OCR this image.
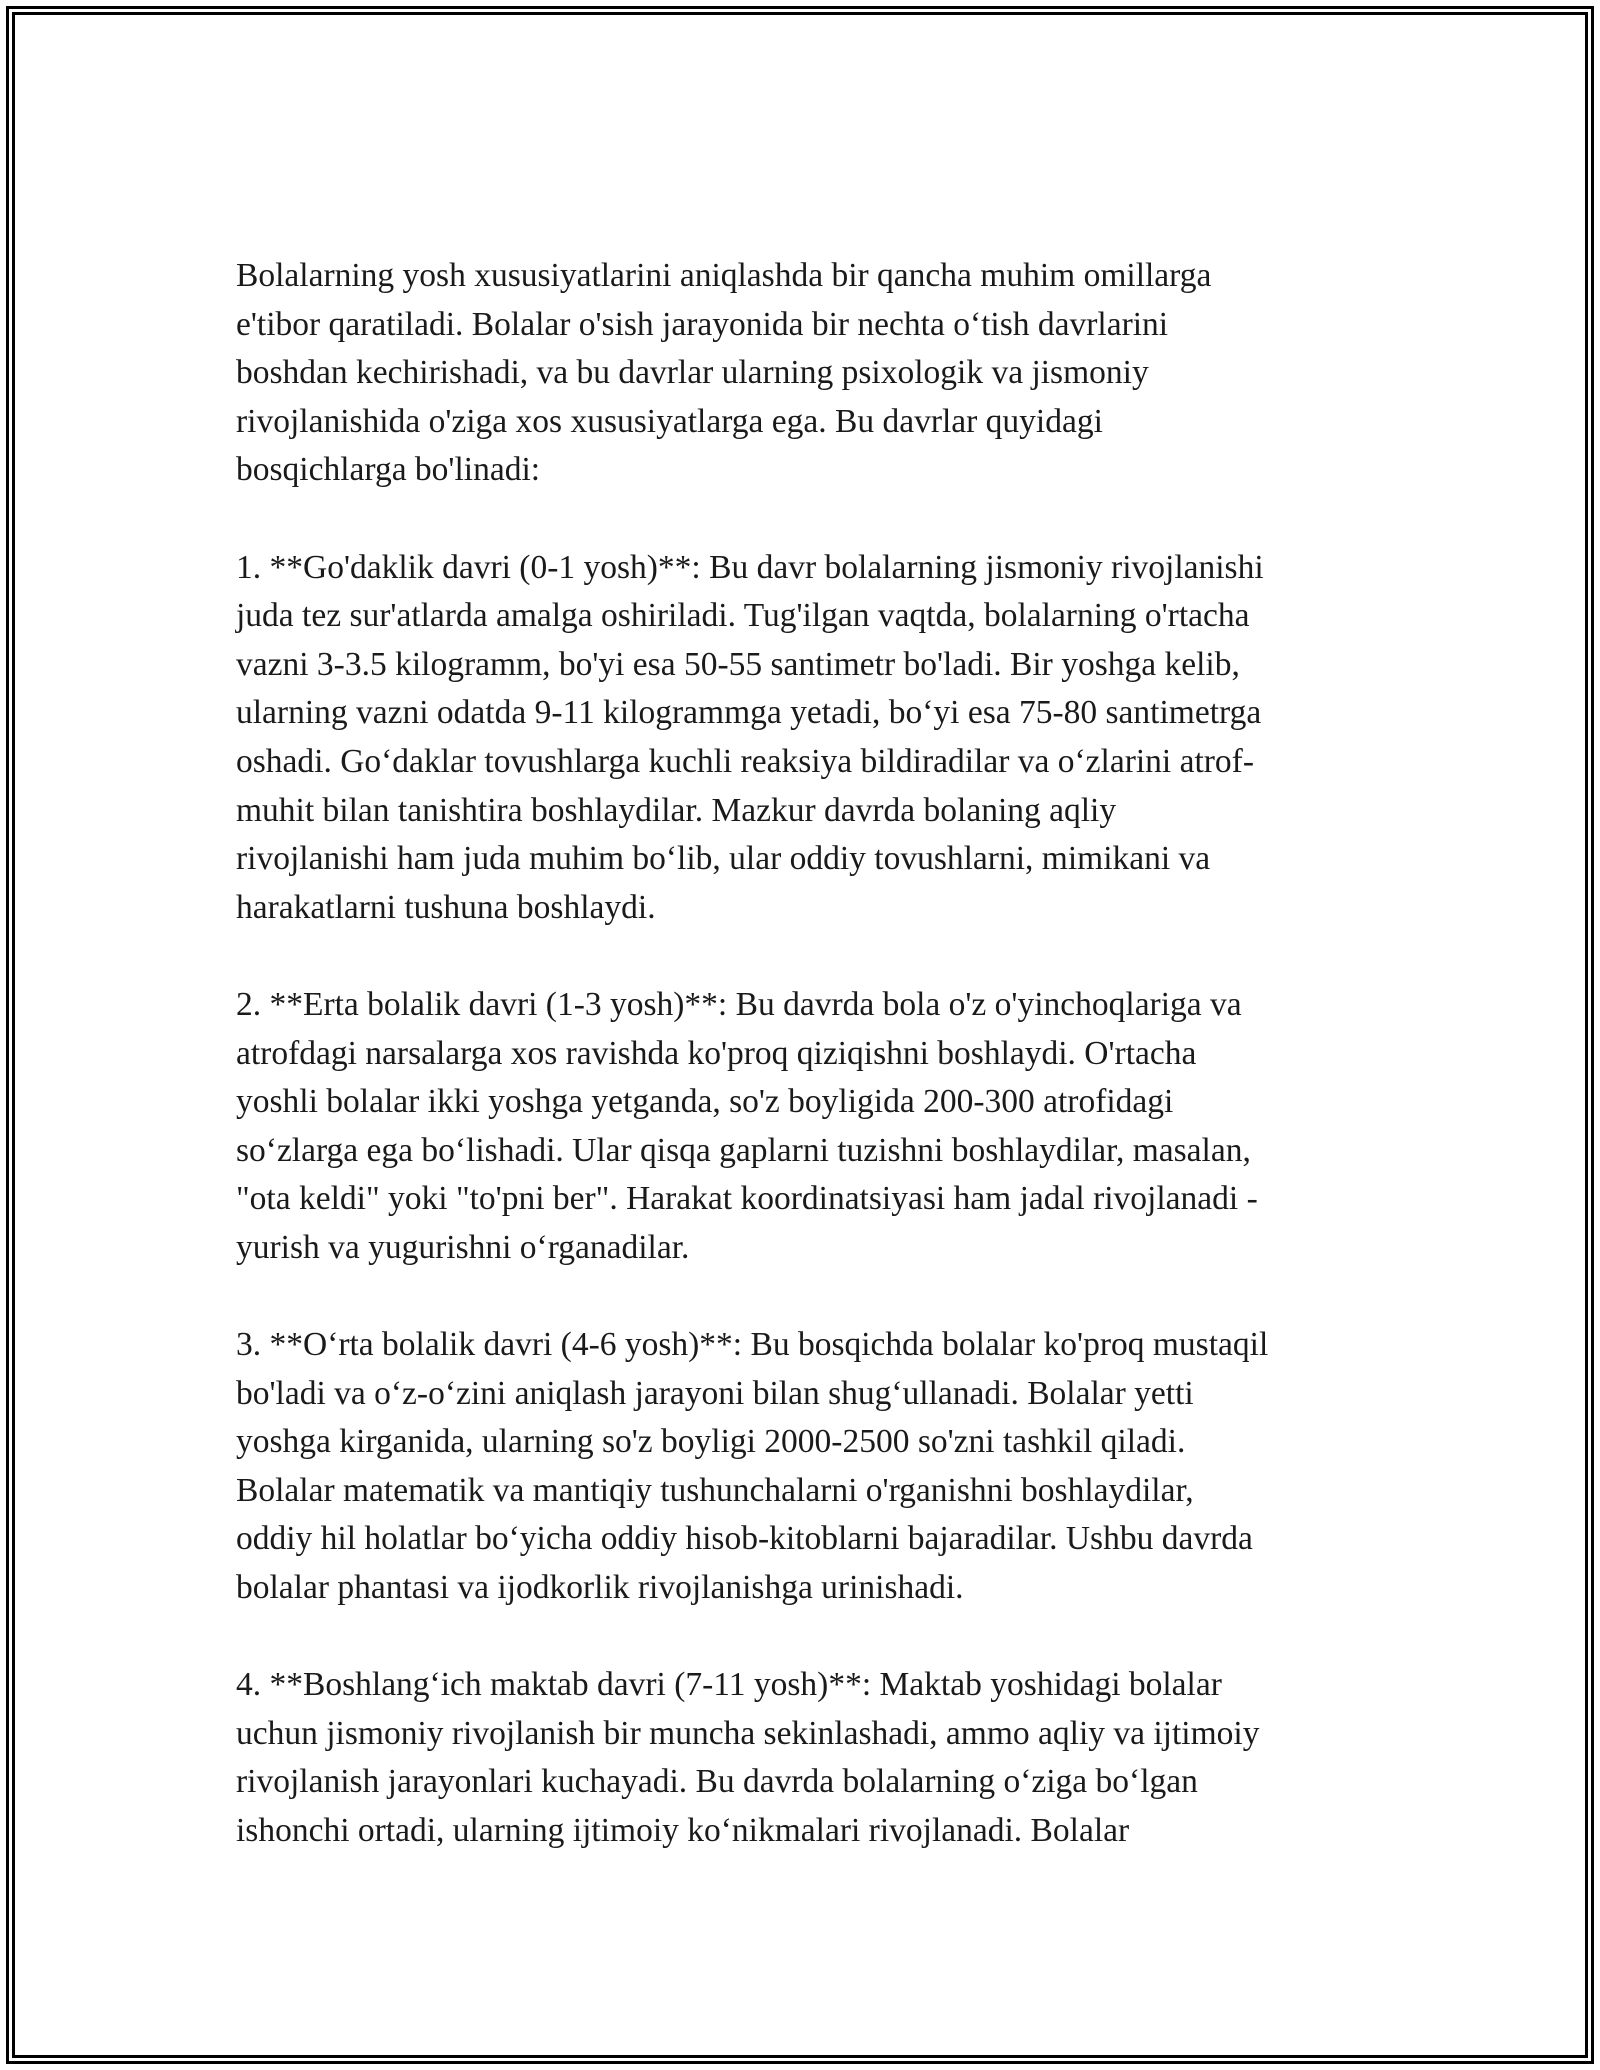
Bolalarning yosh xususiyatlarini aniqlashda bir qancha muhim omillarga
e'tibor qaratiladi. Bolalar o'sish jarayonida bir nechta o‘tish davrlarini
boshdan kechirishadi, va bu davrlar ularning psixologik va jismoniy
rivojlanishida o'ziga xos xususiyatlarga ega. Bu davrlar quyidagi
bosqichlarga bo'linadi:

1. **Go'daklik davri (0-1 yosh)**: Bu davr bolalarning jismoniy rivojlanishi
juda tez sur'atlarda amalga oshiriladi. Tug'ilgan vaqtda, bolalarning o'rtacha
vazni 3-3.5 kilogramm, bo'yi esa 50-55 santimetr bo'ladi. Bir yoshga kelib,
ularning vazni odatda 9-11 kilogrammga yetadi, bo‘yi esa 75-80 santimetrga
oshadi. Go‘daklar tovushlarga kuchli reaksiya bildiradilar va o‘zlarini atrof-
muhit bilan tanishtira boshlaydilar. Mazkur davrda bolaning aqliy
rivojlanishi ham juda muhim bo‘lib, ular oddiy tovushlarni, mimikani va
harakatlarni tushuna boshlaydi.

2. **Erta bolalik davri (1-3 yosh)**: Bu davrda bola o'z o'yinchoqlariga va
atrofdagi narsalarga xos ravishda ko'proq qiziqishni boshlaydi. O'rtacha
yoshli bolalar ikki yoshga yetganda, so'z boyligida 200-300 atrofidagi
so‘zlarga ega bo‘lishadi. Ular qisqa gaplarni tuzishni boshlaydilar, masalan,
"ota keldi" yoki "to'pni ber". Harakat koordinatsiyasi ham jadal rivojlanadi -
yurish va yugurishni o‘rganadilar.

3. **O‘rta bolalik davri (4-6 yosh)**: Bu bosqichda bolalar ko'proq mustaqil
bo'ladi va o‘z-o‘zini aniqlash jarayoni bilan shug‘ullanadi. Bolalar yetti
yoshga kirganida, ularning so'z boyligi 2000-2500 so'zni tashkil qiladi.
Bolalar matematik va mantiqiy tushunchalarni o'rganishni boshlaydilar,
oddiy hil holatlar bo‘yicha oddiy hisob-kitoblarni bajaradilar. Ushbu davrda
bolalar phantasi va ijodkorlik rivojlanishga urinishadi.

4. **Boshlang‘ich maktab davri (7-11 yosh)**: Maktab yoshidagi bolalar
uchun jismoniy rivojlanish bir muncha sekinlashadi, ammo aqliy va ijtimoiy
rivojlanish jarayonlari kuchayadi. Bu davrda bolalarning o‘ziga bo‘lgan
ishonchi ortadi, ularning ijtimoiy ko‘nikmalari rivojlanadi. Bolalar
